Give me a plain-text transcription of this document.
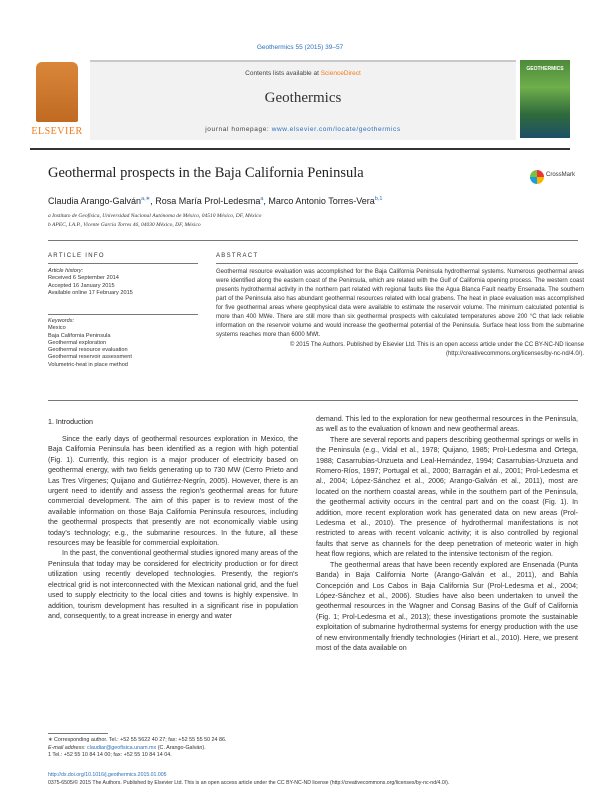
Geothermics 55 (2015) 39–57
ELSEVIER
Contents lists available at ScienceDirect
Geothermics
journal homepage: www.elsevier.com/locate/geothermics
GEOTHERMICS
Geothermal prospects in the Baja California Peninsula	CrossMark
Claudia Arango-Galván$^{a,∗}$, Rosa María Prol-Ledesma$^a$, Marco Antonio Torres-Vera$^{b,1}$
a Instituto de Geofísica, Universidad Nacional Autónoma de México, 04510 México, DF, México
b APEC, I.A.P., Vicente García Torres 46, 04030 México, DF, México
ARTICLE INFO	ABSTRACT
Article history:
Received 6 September 2014
Accepted 16 January 2015
Available online 17 February 2015
Keywords:
Mexico
Baja California Peninsula
Geothermal exploration
Geothermal resource evaluation
Geothermal reservoir assessment
Volumetric-heat in place method
Geothermal resource evaluation was accomplished for the Baja California Peninsula hydrothermal systems. Numerous geothermal areas were identified along the eastern coast of the Peninsula, which are related with the Gulf of California opening process. The western coast presents hydrothermal activity in the northern part related with regional faults like the Agua Blanca Fault nearby Ensenada. The southern part of the Peninsula also has abundant geothermal resources related with local grabens. The heat in place evaluation was accomplished for five geothermal areas where geophysical data were available to estimate the reservoir volume. The minimum calculated potential is more than 400 MWe. There are still more than six geothermal prospects with calculated temperatures above 200 °C that lack reliable information on the reservoir volume and would increase the geothermal potential of the Peninsula. Surface heat loss from the submarine systems reaches more than 6000 MWt.
© 2015 The Authors. Published by Elsevier Ltd. This is an open access article under the CC BY-NC-ND license (http://creativecommons.org/licenses/by-nc-nd/4.0/).
1. Introduction

Since the early days of geothermal resources exploration in Mexico, the Baja California Peninsula has been identified as a region with high potential (Fig. 1). Currently, this region is a major producer of electricity based on geothermal energy, with two fields generating up to 730 MW (Cerro Prieto and Las Tres Vírgenes; Quijano and Gutiérrez-Negrín, 2005). However, there is an urgent need to identify and assess the region's geothermal areas for future commercial development. The aim of this paper is to review most of the available information on those Baja California Peninsula resources, including the geothermal prospects that presently are not economically viable using today's technology; e.g., the submarine resources. In the future, all these resources may be feasible for commercial exploitation.

In the past, the conventional geothermal studies ignored many areas of the Peninsula that today may be considered for electricity production or for direct utilization using recently developed technologies. Presently, the region's electrical grid is not interconnected with the Mexican national grid, and the fuel used to supply electricity to the local cities and towns is highly expensive. In addition, tourism development has resulted in a significant rise in population and, consequently, to a great increase in energy and water

demand. This led to the exploration for new geothermal resources in the Peninsula, as well as to the evaluation of known and new geothermal areas.

There are several reports and papers describing geothermal springs or wells in the Peninsula (e.g., Vidal et al., 1978; Quijano, 1985; Prol-Ledesma and Ortega, 1988; Casarrubias-Unzueta and Leal-Hernández, 1994; Casarrubias-Unzueta and Romero-Ríos, 1997; Portugal et al., 2000; Barragán et al., 2001; Prol-Ledesma et al., 2004; López-Sánchez et al., 2006; Arango-Galván et al., 2011), most are located on the northern coastal areas, while in the southern part of the Peninsula, the geothermal activity occurs in the central part and on the coast (Fig. 1). In addition, more recent exploration work has generated data on new areas (Prol-Ledesma et al., 2010). The presence of hydrothermal manifestations is not restricted to areas with recent volcanic activity; it is also controlled by regional faults that serve as channels for the deep penetration of meteoric water in high heat flow regions, which are related to the intensive tectonism of the region.

The geothermal areas that have been recently explored are Ensenada (Punta Banda) in Baja California Norte (Arango-Galván et al., 2011), and Bahía Concepción and Los Cabos in Baja California Sur (Prol-Ledesma et al., 2004; López-Sánchez et al., 2006). Studies have also been undertaken to unveil the geothermal resources in the Wagner and Consag Basins of the Gulf of California (Fig. 1; Prol-Ledesma et al., 2013); these investigations promote the sustainable exploitation of submarine hydrothermal systems for energy production with the use of new environmentally friendly technologies (Hiriart et al., 2010). Here, we present most of the data available on

∗ Corresponding author. Tel.: +52 55 5622 40 27; fax: +52 55 55 50 24 86.
E-mail address: claudiar@geofisica.unam.mx (C. Arango-Galván).
1 Tel.: +52 55 10 84 14 00; fax: +52 55 10 84 14 04.
http://dx.doi.org/10.1016/j.geothermics.2015.01.005
0375-6505/© 2015 The Authors. Published by Elsevier Ltd. This is an open access article under the CC BY-NC-ND license (http://creativecommons.org/licenses/by-nc-nd/4.0/).
